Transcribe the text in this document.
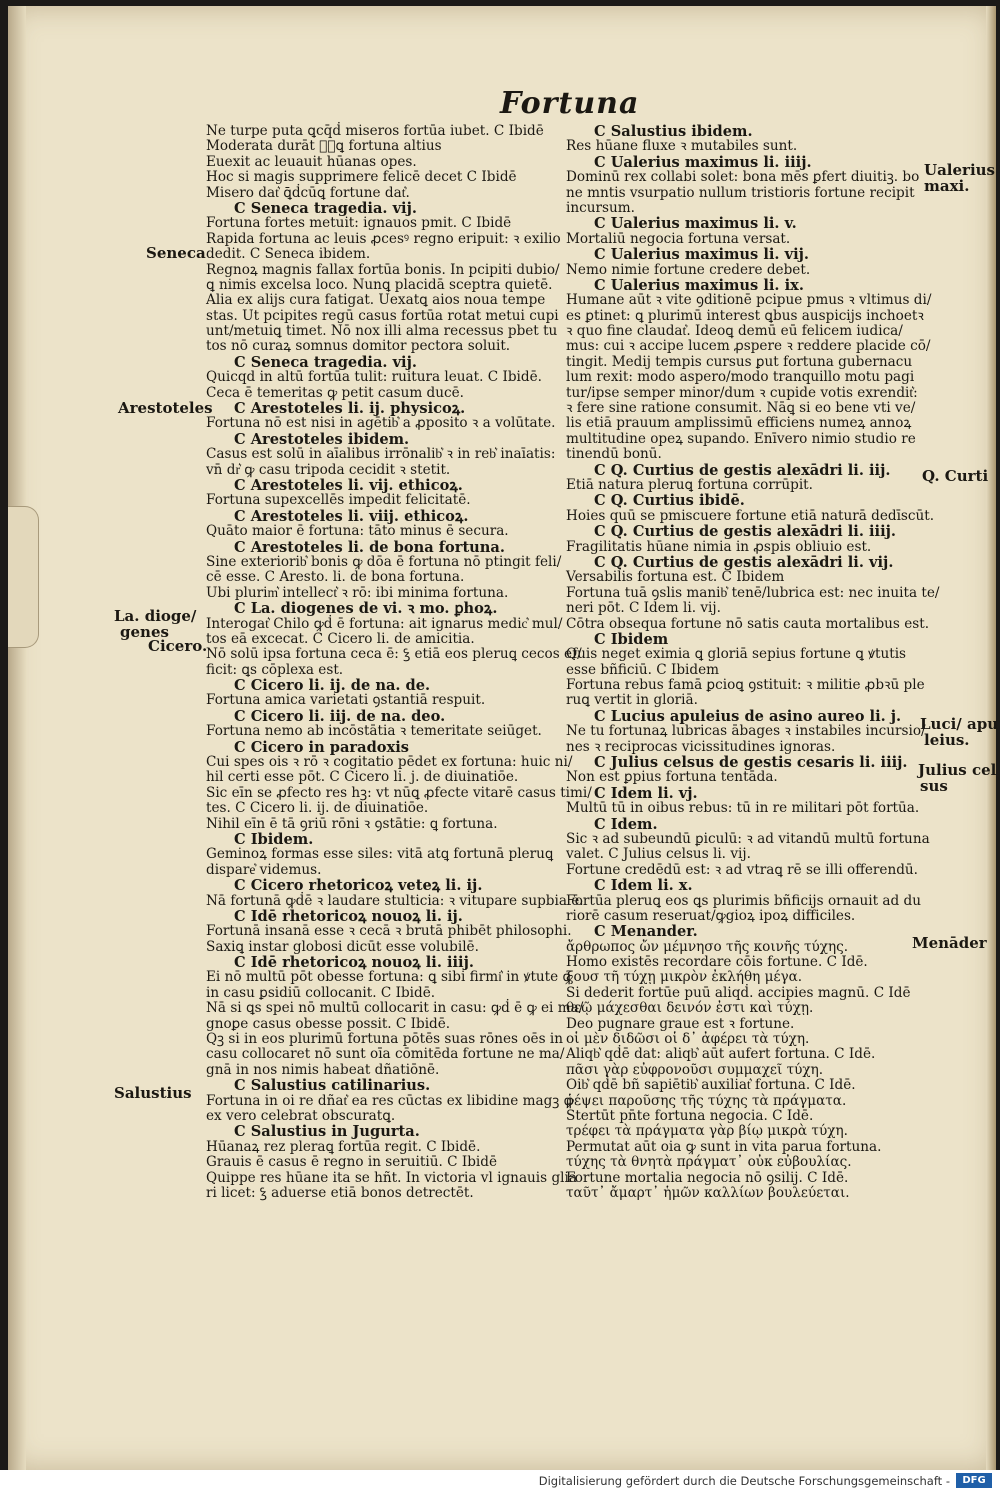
Fortuna
Seneca
Arestoteles
La. dioge/
genes
Cicero.
Salustius
Ualerius
maxi.
Q. Curti
Luci/ apu
leius.
Julius cel
sus
Menāder
Ne turpe puta ꝗcq̄ḋ miseros fortūa iubet. C Ibidē
Moderata durāt ꝗ͛ꝗ fortuna altius
Euexit ac leuauit hūanas opes.
Hoc si magis supprimere felicē decet C Ibidē
Misero dat͛ ꝗ̄ḋcūꝗ fortune dat͛.
C Seneca tragedia. vij.
Fortuna fortes metuit: ignauos pmit. C Ibidē
Rapida fortuna ac leuis ꝓcesꝰ regno eripuit: ꝛ exilio
dedit. C Seneca ibidem.
Regnoꝝ magnis fallax fortūa bonis. In pcipiti dubio/
ꝗ nimis excelsa loco. Nunꝗ placidā sceptra quietē.
Alia ex alijs cura fatigat. Uexatꝗ aios noua tempe
stas. Ut pcipites regū casus fortūa rotat metui cupi
unt/metuiꝗ timet. Nō nox illi alma recessus pbet tu
tos nō curaꝝ somnus domitor pectora soluit.
C Seneca tragedia. vij.
Quicqd in altū fortūa tulit: ruitura leuat. C Ibidē.
Ceca ē temeritas ꝙ petit casum ducē.
C Arestoteles li. ij. physicoꝝ.
Fortuna nō est nisi in agētib͛ a ꝓposito ꝛ a volūtate.
C Arestoteles ibidem.
Casus est solū in aīalibus irrōnalib͛ ꝛ in reb͛ inaīatis:
vn̄ dr͛ ꝙ casu tripoda cecidit ꝛ stetit.
C Arestoteles li. vij. ethicoꝝ.
Fortuna supexcellēs impedit felicitatē.
C Arestoteles li. viij. ethicoꝝ.
Quāto maior ē fortuna: tāto minus ē secura.
C Arestoteles li. de bona fortuna.
Sine exteriorib͛ bonis ꝙ dōa ē fortuna nō ptingit feli/
cē esse. C Aresto. li. de bona fortuna.
Ubi plurim͛ intellect͛ ꝛ rō: ibi minima fortuna.
C La. diogenes de vi. ꝛ mo. ꝑhoꝝ.
Interogat͛ Chilo ꝙḋ ē fortuna: ait ignarus medic͛ mul/
tos eā excecat. C Cicero li. de amicitia.
Nō solū ipsa fortuna ceca ē: ꝣ etiā eos pleruꝗ cecos ef/
ficit: ꝗs cōplexa est.
C Cicero li. ij. de na. de.
Fortuna amica varietati ꝯstantiā respuit.
C Cicero li. iij. de na. deo.
Fortuna nemo ab incōstātia ꝛ temeritate seiūget.
C Cicero in paradoxis
Cui spes ois ꝛ rō ꝛ cogitatio pēdet ex fortuna: huic ni/
hil certi esse pōt. C Cicero li. j. de diuinatiōe.
Sic eīn se ꝓfecto res hꝫ: vt nūꝗ ꝓfecte vitarē casus timi/
tes. C Cicero li. ij. de diuinatiōe.
Nihil eīn ē tā ꝯriū rōni ꝛ ꝯstātie: ꝗ fortuna.
C Ibidem.
Geminoꝝ formas esse siles: vitā atꝗ fortunā pleruꝗ
dispare͛ videmus.
C Cicero rhetoricoꝝ veteꝝ li. ij.
Nā fortunā ꝙḋē ꝛ laudare stulticia: ꝛ vitupare supbia ē.
C Idē rhetoricoꝝ nouoꝝ li. ij.
Fortunā insanā esse ꝛ cecā ꝛ brutā phibēt philosophi.
Saxiꝗ instar globosi dicūt esse volubilē.
C Idē rhetoricoꝝ nouoꝝ li. iiij.
Ei nō multū pōt obesse fortuna: ꝗ sibi firmi͛ in ꝟtute ꝙ
in casu ꝑsidiū collocanit. C Ibidē.
Nā si ꝗs spei nō multū collocarit in casu: ꝙḋ ē ꝙ ei ma/
gnoꝑe casus obesse possit. C Ibidē.
Qꝫ si in eos plurimū fortuna pōtēs suas rōnes oēs in
casu collocaret nō sunt oīa cōmitēda fortune ne ma/
gnā in nos nimis habeat dñatiōnē.
C Salustius catilinarius.
Fortuna in oi re dñat͛ ea res cūctas ex libidine magꝫ ꝙ
ex vero celebrat obscuratꝗ.
C Salustius in Jugurta.
Hūanaꝝ rez pleraꝗ fortūa regit. C Ibidē.
Grauis ē casus ē regno in seruitiū. C Ibidē
Quippe res hūane ita se hñt. In victoria vl ignauis glia
ri licet: ꝣ aduerse etiā bonos detrectēt.
C Salustius ibidem.
Res hūane fluxe ꝛ mutabiles sunt.
C Ualerius maximus li. iiij.
Dominū rex collabi solet: bona mēs ꝑfert diuitiꝫ. bo
ne mntis vsurpatio nullum tristioris fortune recipit
incursum.
C Ualerius maximus li. v.
Mortaliū negocia fortuna versat.
C Ualerius maximus li. vij.
Nemo nimie fortune credere debet.
C Ualerius maximus li. ix.
Humane aūt ꝛ vite ꝯditionē pcipue pmus ꝛ vltimus di/
es ꝑtinet: ꝗ plurimū interest ꝗbus auspicijs inchoetꝛ
ꝛ quo fine claudat͛. Ideoꝗ demū eū felicem iudica/
mus: cui ꝛ accipe lucem ꝓspere ꝛ reddere placide cō/
tingit. Medij tempis cursus ꝑut fortuna gubernacu
lum rexit: modo aspero/modo tranquillo motu pagi
tur/ipse semper minor/dum ꝛ cupide votis exrendit͛:
ꝛ fere sine ratione consumit. Nāꝗ si eo bene vti ve/
lis etiā prauum amplissimū efficiens numeꝝ annoꝝ
multitudine opeꝝ supando. Enīvero nimio studio re
tinendū bonū.
C Q. Curtius de gestis alexādri li. iij.
Etiā natura pleruꝗ fortuna corrūpit.
C Q. Curtius ibidē.
Hoies quū se pmiscuere fortune etiā naturā dedīscūt.
C Q. Curtius de gestis alexādri li. iiij.
Fragilitatis hūane nimia in ꝓspis obliuio est.
C Q. Curtius de gestis alexādri li. vij.
Versabilis fortuna est. C Ibidem
Fortuna tuā ꝯslis manib͛ tenē/lubrica est: nec inuita te/
neri pōt. C Idem li. vij.
Cōtra obsequa fortune nō satis cauta mortalibus est.
C Ibidem
Quis neget eximia ꝗ gloriā sepius fortune ꝗ ꝟtutis
esse bñficiū. C Ibidem
Fortuna rebus famā ꝑcioꝗ ꝯstituit: ꝛ militie ꝓbꝛū ple
ruꝗ vertit in gloriā.
C Lucius apuleius de asino aureo li. j.
Ne tu fortunaꝝ lubricas ābages ꝛ instabiles incursio/
nes ꝛ reciprocas vicissitudines ignoras.
C Julius celsus de gestis cesaris li. iiij.
Non est ꝑpius fortuna tentāda.
C Idem li. vj.
Multū tū in oibus rebus: tū in re militari pōt fortūa.
C Idem.
Sic ꝛ ad subeundū ꝑiculū: ꝛ ad vitandū multū fortuna
valet. C Julius celsus li. vij.
Fortune credēdū est: ꝛ ad vtraꝗ rē se illi offerendū.
C Idem li. x.
Fortūa pleruꝗ eos ꝗs plurimis bñficijs ornauit ad du
riorē casum reseruat/ꝙgioꝝ ipoꝝ difficiles.
C Menander.
ἄρθρωπος ὤν μέμνησο τῆς κοινῆς τύχης.
Homo existēs recordare cōis fortune. C Idē.
ξουσ τῆ τύχῃ μικρὸν ἐκλήθη μέγα.
Si dederit fortūe puū aliqḋ. accipies magnū. C Idē
θεῷ μάχεσθαι δεινόν ἐστι καὶ τύχῃ.
Deo pugnare graue est ꝛ fortune.
οἱ μὲν διδῶσι οἱ δ᾽ ἀφέρει τὰ τύχη.
Aliqb͛ qḋē dat: aliqb͛ aūt aufert fortuna. C Idē.
πᾶσι γὰρ εὐφρονοῦσι συμμαχεῖ τύχη.
Oib͛ qḋē bñ sapiētib͛ auxiliat͛ fortuna. C Idē.
ῥέψει παροῦσης τῆς τύχης τὰ πράγματα.
Stertūt pn̄te fortuna negocia. C Idē.
τρέφει τὰ πράγματα γὰρ βίῳ μικρὰ τύχη.
Permutat aūt oia ꝙ sunt in vita parua fortuna.
τύχης τὰ θνητὰ πράγματ᾽ οὐκ εὐβουλίας.
Fortune mortalia negocia nō ꝯsilij. C Idē.
ταῦτ᾽ ἄμαρτ᾽ ἡμῶν καλλίων βουλεύεται.
Digitalisierung gefördert durch die Deutsche Forschungsgemeinschaft -	DFG
